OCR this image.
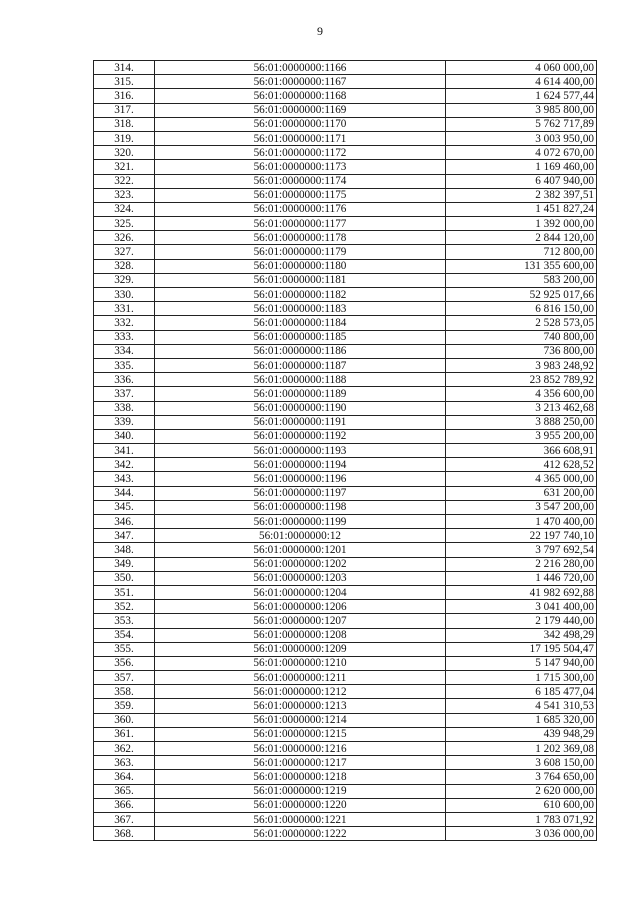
9
314.	56:01:0000000:1166	4 060 000,00
315.	56:01:0000000:1167	4 614 400,00
316.	56:01:0000000:1168	1 624 577,44
317.	56:01:0000000:1169	3 985 800,00
318.	56:01:0000000:1170	5 762 717,89
319.	56:01:0000000:1171	3 003 950,00
320.	56:01:0000000:1172	4 072 670,00
321.	56:01:0000000:1173	1 169 460,00
322.	56:01:0000000:1174	6 407 940,00
323.	56:01:0000000:1175	2 382 397,51
324.	56:01:0000000:1176	1 451 827,24
325.	56:01:0000000:1177	1 392 000,00
326.	56:01:0000000:1178	2 844 120,00
327.	56:01:0000000:1179	712 800,00
328.	56:01:0000000:1180	131 355 600,00
329.	56:01:0000000:1181	583 200,00
330.	56:01:0000000:1182	52 925 017,66
331.	56:01:0000000:1183	6 816 150,00
332.	56:01:0000000:1184	2 528 573,05
333.	56:01:0000000:1185	740 800,00
334.	56:01:0000000:1186	736 800,00
335.	56:01:0000000:1187	3 983 248,92
336.	56:01:0000000:1188	23 852 789,92
337.	56:01:0000000:1189	4 356 600,00
338.	56:01:0000000:1190	3 213 462,68
339.	56:01:0000000:1191	3 888 250,00
340.	56:01:0000000:1192	3 955 200,00
341.	56:01:0000000:1193	366 608,91
342.	56:01:0000000:1194	412 628,52
343.	56:01:0000000:1196	4 365 000,00
344.	56:01:0000000:1197	631 200,00
345.	56:01:0000000:1198	3 547 200,00
346.	56:01:0000000:1199	1 470 400,00
347.	56:01:0000000:12	22 197 740,10
348.	56:01:0000000:1201	3 797 692,54
349.	56:01:0000000:1202	2 216 280,00
350.	56:01:0000000:1203	1 446 720,00
351.	56:01:0000000:1204	41 982 692,88
352.	56:01:0000000:1206	3 041 400,00
353.	56:01:0000000:1207	2 179 440,00
354.	56:01:0000000:1208	342 498,29
355.	56:01:0000000:1209	17 195 504,47
356.	56:01:0000000:1210	5 147 940,00
357.	56:01:0000000:1211	1 715 300,00
358.	56:01:0000000:1212	6 185 477,04
359.	56:01:0000000:1213	4 541 310,53
360.	56:01:0000000:1214	1 685 320,00
361.	56:01:0000000:1215	439 948,29
362.	56:01:0000000:1216	1 202 369,08
363.	56:01:0000000:1217	3 608 150,00
364.	56:01:0000000:1218	3 764 650,00
365.	56:01:0000000:1219	2 620 000,00
366.	56:01:0000000:1220	610 600,00
367.	56:01:0000000:1221	1 783 071,92
368.	56:01:0000000:1222	3 036 000,00
